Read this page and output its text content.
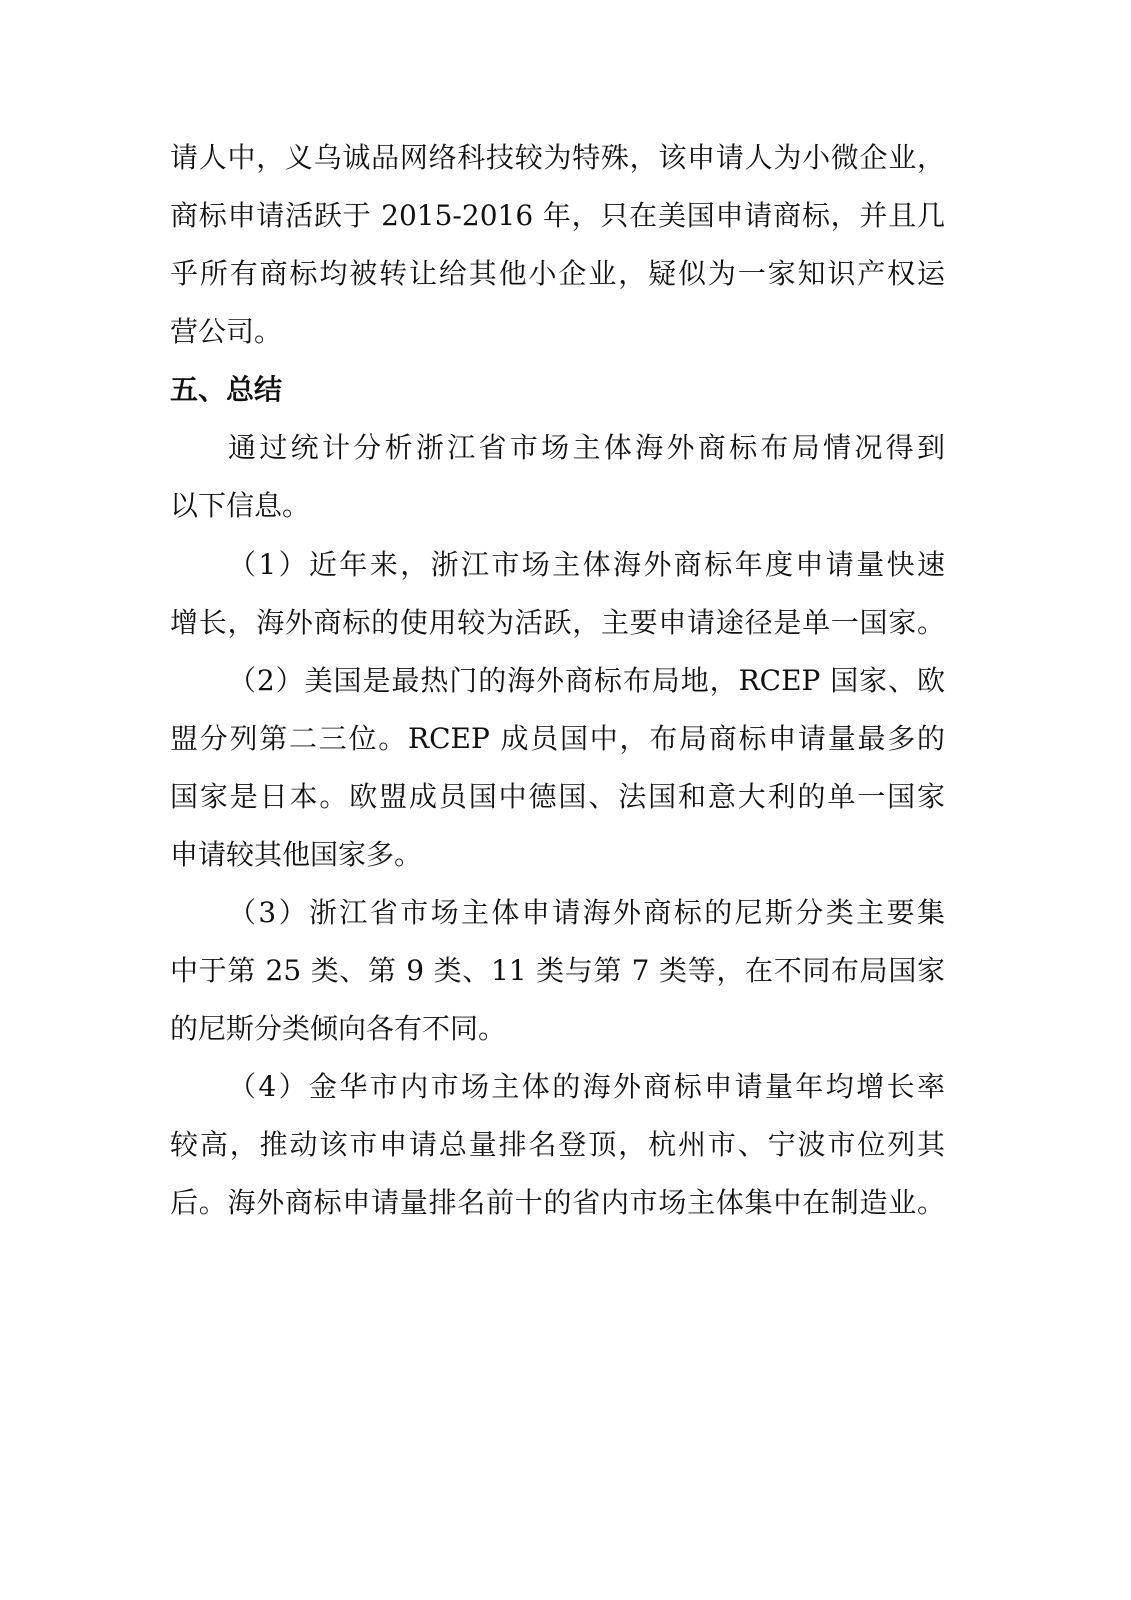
请人中，义乌诚品网络科技较为特殊，该申请人为小微企业，
商标申请活跃于 2015-2016 年，只在美国申请商标，并且几
乎所有商标均被转让给其他小企业，疑似为一家知识产权运
营公司。
五、总结
通过统计分析浙江省市场主体海外商标布局情况得到
以下信息。
（1）近年来，浙江市场主体海外商标年度申请量快速
增长，海外商标的使用较为活跃，主要申请途径是单一国家。
（2）美国是最热门的海外商标布局地，RCEP 国家、欧
盟分列第二三位。RCEP 成员国中，布局商标申请量最多的
国家是日本。欧盟成员国中德国、法国和意大利的单一国家
申请较其他国家多。
（3）浙江省市场主体申请海外商标的尼斯分类主要集
中于第 25 类、第 9 类、11 类与第 7 类等，在不同布局国家
的尼斯分类倾向各有不同。
（4）金华市内市场主体的海外商标申请量年均增长率
较高，推动该市申请总量排名登顶，杭州市、宁波市位列其
后。海外商标申请量排名前十的省内市场主体集中在制造业。
